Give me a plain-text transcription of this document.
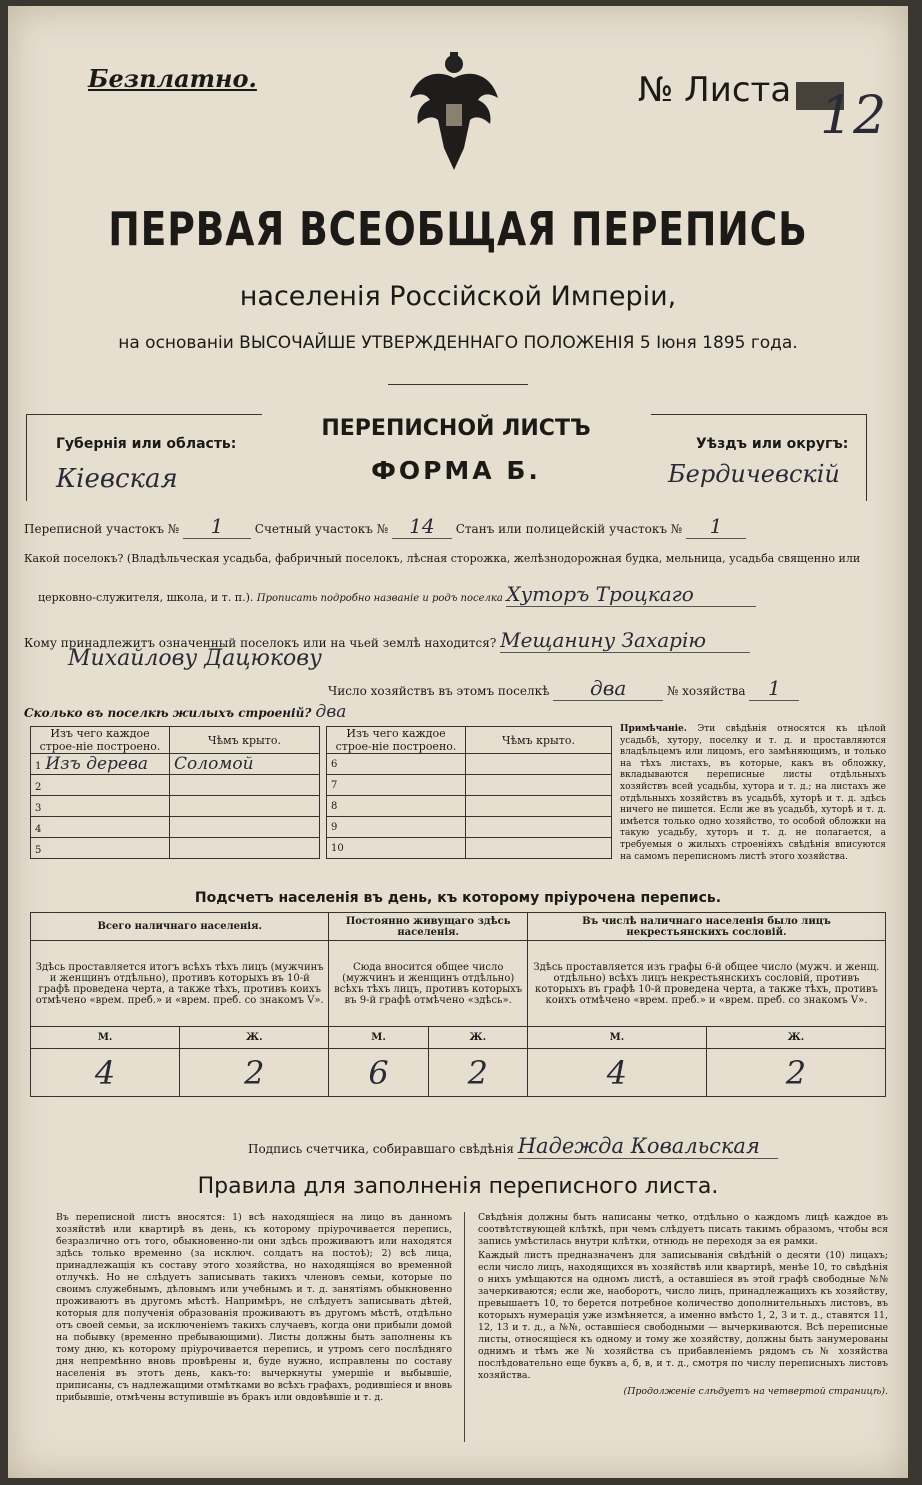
Безплатно.	№ Листа 12
ПЕРВАЯ ВСЕОБЩАЯ ПЕРЕПИСЬ
населенія Россійской Имперіи,
на основаніи ВЫСОЧАЙШЕ УТВЕРЖДЕННАГО ПОЛОЖЕНІЯ 5 Іюня 1895 года.
Губернія или область:
Кіевская
ПЕРЕПИСНОЙ ЛИСТЪ
ФОРМА Б.
Уѣздъ или округъ:
Бердичевскій
Переписной участокъ № 1	Счетный участокъ № 14 Станъ или полицейскій участокъ № 1
Какой поселокъ? (Владѣльческая усадьба, фабричный поселокъ, лѣсная сторожка, желѣзнодорожная будка, мельница, усадьба священно или
церковно-служителя, школа, и т. п.). Прописать подробно названіе и родъ поселка Хуторъ Троцкаго
Кому принадлежитъ означенный поселокъ или на чьей землѣ находится? Мещанину Захарію
Михайлову Дацюкову
Число хозяйствъ въ этомъ поселкѣ два	№ хозяйства 1
Сколько въ поселкѣ жилыхъ строеній? два
Изъ чего каждое строе-ніе построено.	Чѣмъ крыто.
1 Изъ дерева	Соломой
2	
3	
4	
5	
Изъ чего каждое строе-ніе построено.	Чѣмъ крыто.
6	
7	
8	
9	
10	
Примѣчаніе. Эти свѣдѣнія относятся къ цѣлой усадьбѣ, хутору, поселку и т. д. и проставляются владѣльцемъ или лицомъ, его замѣняющимъ, и только на тѣхъ листахъ, въ которые, какъ въ обложку, вкладываются переписные листы отдѣльныхъ хозяйствъ всей усадьбы, хутора и т. д.; на листахъ же отдѣльныхъ хозяйствъ въ усадьбѣ, хуторѣ и т. д. здѣсь ничего не пишется. Если же въ усадьбѣ, хуторѣ и т. д. имѣется только одно хозяйство, то особой обложки на такую усадьбу, хуторъ и т. д. не полагается, а требуемыя о жилыхъ строеніяхъ свѣдѣнія вписуются на самомъ переписномъ листѣ этого хозяйства.
Подсчетъ населенія въ день, къ которому пріурочена перепись.
Всего наличнаго населенія.		Постоянно живущаго здѣсь населенія.		Въ числѣ наличнаго населенія было лицъ некрестьянскихъ сословій.	
Здѣсь проставляется итогъ всѣхъ тѣхъ лицъ (мужчинъ и женщинъ отдѣльно), противъ которыхъ въ 10-й графѣ проведена черта, а также тѣхъ, противъ коихъ отмѣчено «врем. преб.» и «врем. преб. со знакомъ V».		Сюда вносится общее число (мужчинъ и женщинъ отдѣльно) всѣхъ тѣхъ лицъ, противъ которыхъ въ 9-й графѣ отмѣчено «здѣсь».		Здѣсь проставляется изъ графы 6-й общее число (мужч. и женщ. отдѣльно) всѣхъ лицъ некрестьянскихъ сословій, противъ которыхъ въ графѣ 10-й проведена черта, а также тѣхъ, противъ коихъ отмѣчено «врем. преб.» и «врем. преб. со знакомъ V».	
М.	Ж.	М.	Ж.	М.	Ж.
4	2	6	2	4	2
Подпись счетчика, собиравшаго свѣдѣнія Надежда Ковальская
Правила для заполненія переписного листа.
Въ переписной листъ вносятся: 1) всѣ находящіеся на лицо въ данномъ хозяйствѣ или квартирѣ въ день, къ которому пріурочивается перепись, безразлично отъ того, обыкновенно-ли они здѣсь проживаютъ или находятся здѣсь только временно (за исключ. солдатъ на постоѣ); 2) всѣ лица, принадлежащія къ составу этого хозяйства, но находящіяся во временной отлучкѣ. Но не слѣдуетъ записывать такихъ членовъ семьи, которые по своимъ служебнымъ, дѣловымъ или учебнымъ и т. д. занятіямъ обыкновенно проживаютъ въ другомъ мѣстѣ. Напримѣръ, не слѣдуетъ записывать дѣтей, которыя для полученія образованія проживаютъ въ другомъ мѣстѣ, отдѣльно отъ своей семьи, за исключеніемъ такихъ случаевъ, когда они прибыли домой на побывку (временно пребывающими). Листы должны быть заполнены къ тому дню, къ которому пріурочивается перепись, и утромъ сего послѣдняго дня непремѣнно вновь провѣрены и, буде нужно, исправлены по составу населенія въ этотъ день, какъ-то: вычеркнуты умершіе и выбывшіе, приписаны, съ надлежащими отмѣтками во всѣхъ графахъ, родившіеся и вновь прибывшіе, отмѣчены вступившіе въ бракъ или овдовѣвшіе и т. д.
Свѣдѣнія должны быть написаны четко, отдѣльно о каждомъ лицѣ каждое въ соотвѣтствующей клѣткѣ, при чемъ слѣдуетъ писать такимъ образомъ, чтобы вся запись умѣстилась внутри клѣтки, отнюдь не переходя за ея рамки.
Каждый листъ предназначенъ для записыванія свѣдѣній о десяти (10) лицахъ; если число лицъ, находящихся въ хозяйствѣ или квартирѣ, менѣе 10, то свѣдѣнія о нихъ умѣщаются на одномъ листѣ, а оставшіеся въ этой графѣ свободные №№ зачеркиваются; если же, наоборотъ, число лицъ, принадлежащихъ къ хозяйству, превышаетъ 10, то берется потребное количество дополнительныхъ листовъ, въ которыхъ нумерація уже измѣняется, а именно вмѣсто 1, 2, 3 и т. д., ставятся 11, 12, 13 и т. д., а №№, оставшіеся свободными — вычеркиваются. Всѣ переписные листы, относящіеся къ одному и тому же хозяйству, должны быть занумерованы однимъ и тѣмъ же № хозяйства съ прибавленіемъ рядомъ съ № хозяйства послѣдовательно еще буквъ а, б, в, и т. д., смотря по числу переписныхъ листовъ хозяйства.
(Продолженіе слѣдуетъ на четвертой страницѣ).
